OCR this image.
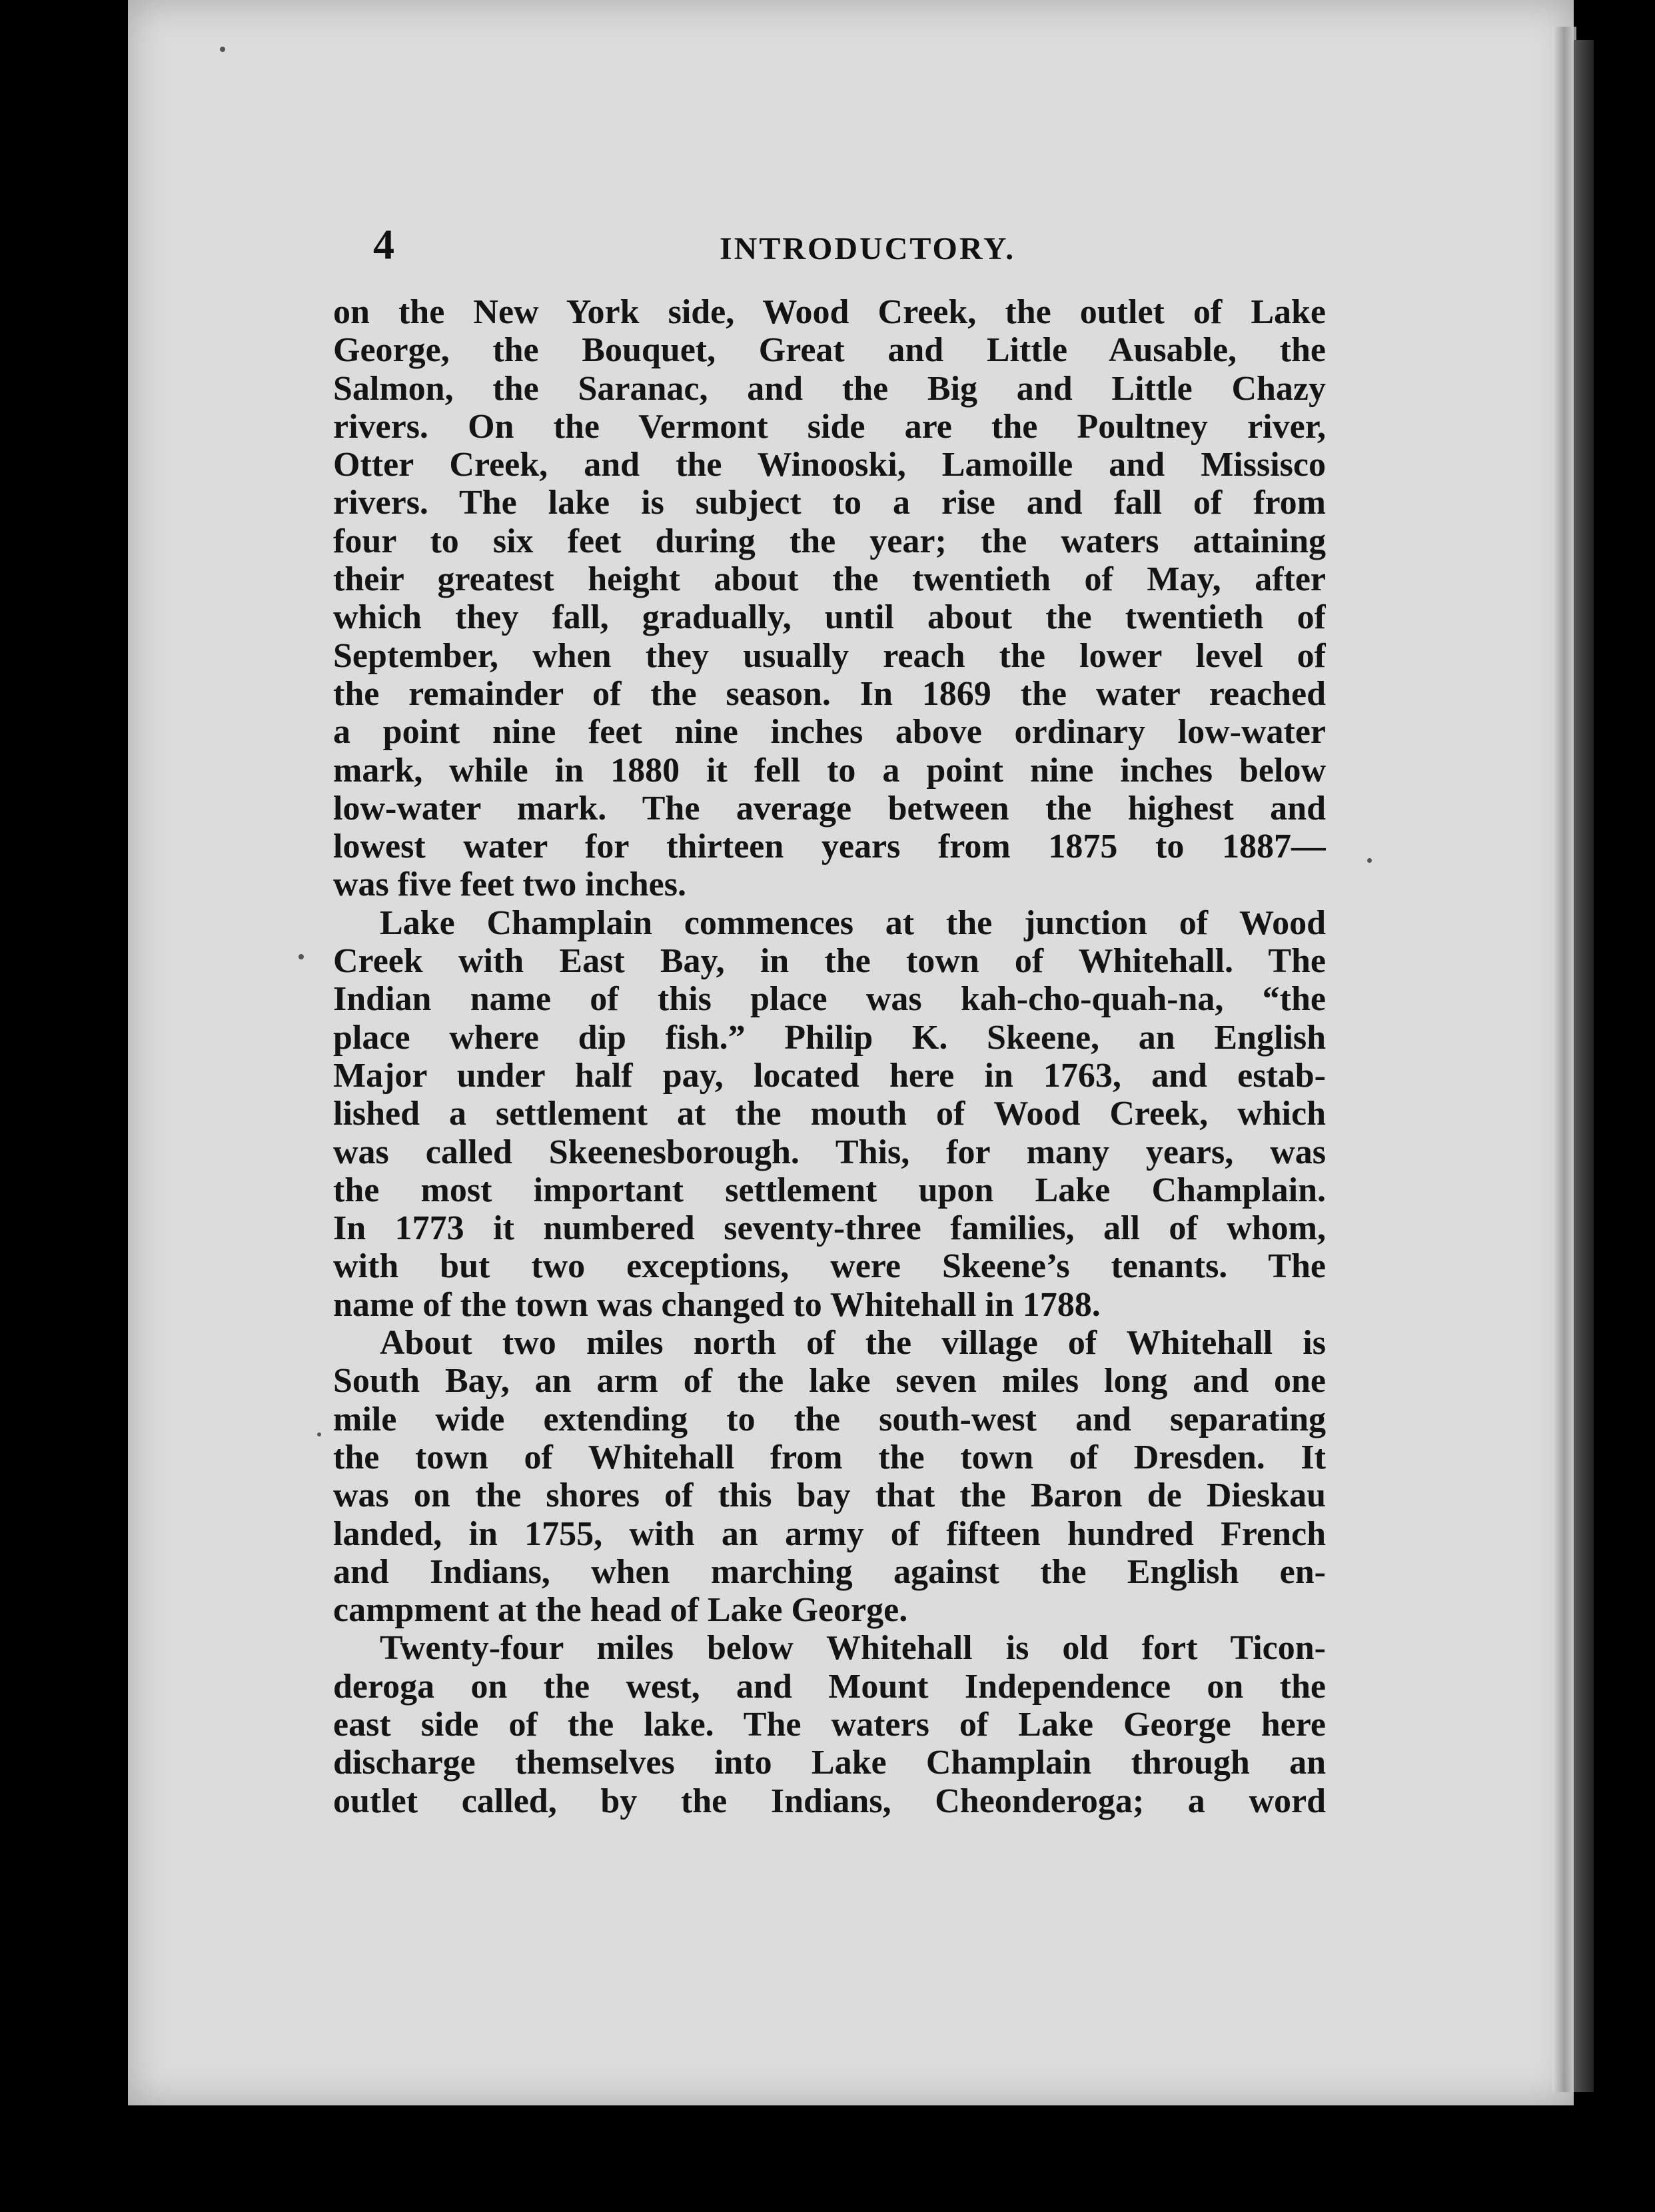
4	INTRODUCTORY.
on the New York side, Wood Creek, the outlet of Lake
George, the Bouquet, Great and Little Ausable, the
Salmon, the Saranac, and the Big and Little Chazy
rivers. On the Vermont side are the Poultney river,
Otter Creek, and the Winooski, Lamoille and Missisco
rivers. The lake is subject to a rise and fall of from
four to six feet during the year; the waters attaining
their greatest height about the twentieth of May, after
which they fall, gradually, until about the twentieth of
September, when they usually reach the lower level of
the remainder of the season. In 1869 the water reached
a point nine feet nine inches above ordinary low-water
mark, while in 1880 it fell to a point nine inches below
low-water mark. The average between the highest and
lowest water for thirteen years from 1875 to 1887—
was five feet two inches.
Lake Champlain commences at the junction of Wood
Creek with East Bay, in the town of Whitehall. The
Indian name of this place was kah-cho-quah-na, “the
place where dip fish.” Philip K. Skeene, an English
Major under half pay, located here in 1763, and estab-
lished a settlement at the mouth of Wood Creek, which
was called Skeenesborough. This, for many years, was
the most important settlement upon Lake Champlain.
In 1773 it numbered seventy-three families, all of whom,
with but two exceptions, were Skeene’s tenants. The
name of the town was changed to Whitehall in 1788.
About two miles north of the village of Whitehall is
South Bay, an arm of the lake seven miles long and one
mile wide extending to the south-west and separating
the town of Whitehall from the town of Dresden. It
was on the shores of this bay that the Baron de Dieskau
landed, in 1755, with an army of fifteen hundred French
and Indians, when marching against the English en-
campment at the head of Lake George.
Twenty-four miles below Whitehall is old fort Ticon-
deroga on the west, and Mount Independence on the
east side of the lake. The waters of Lake George here
discharge themselves into Lake Champlain through an
outlet called, by the Indians, Cheonderoga; a word
